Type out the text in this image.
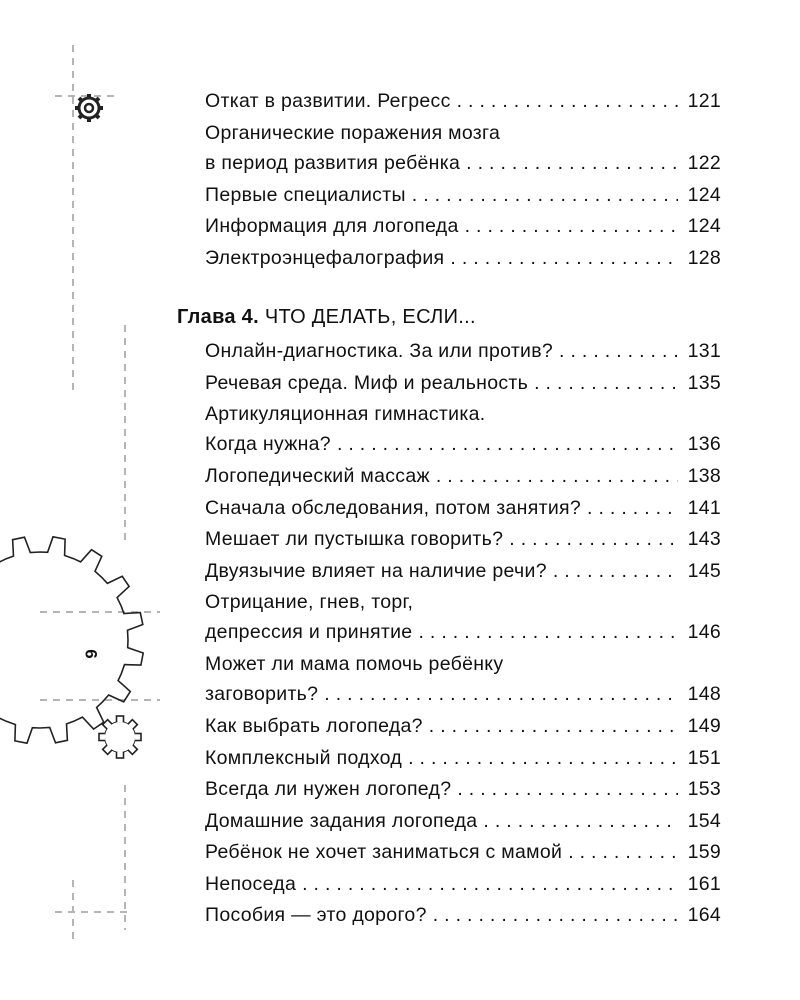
6
Откат в развитии. Регресс . . .	121
Органические поражения мозга
в период развития ребёнка . . .	122
Первые специалисты . . .	124
Информация для логопеда . . .	124
Электроэнцефалография . . .	128
Глава 4. ЧТО ДЕЛАТЬ, ЕСЛИ...
Онлайн-диагностика. За или против? . . .	131
Речевая среда. Миф и реальность . . .	135
Артикуляционная гимнастика.
Когда нужна? . . .	136
Логопедический массаж . . .	138
Сначала обследования, потом занятия? . . .	141
Мешает ли пустышка говорить? . . .	143
Двуязычие влияет на наличие речи? . . .	145
Отрицание, гнев, торг,
депрессия и принятие . . .	146
Может ли мама помочь ребёнку
заговорить? . . .	148
Как выбрать логопеда? . . .	149
Комплексный подход . . .	151
Всегда ли нужен логопед? . . .	153
Домашние задания логопеда . . .	154
Ребёнок не хочет заниматься с мамой . . .	159
Непоседа . . .	161
Пособия — это дорого? . . .	164
